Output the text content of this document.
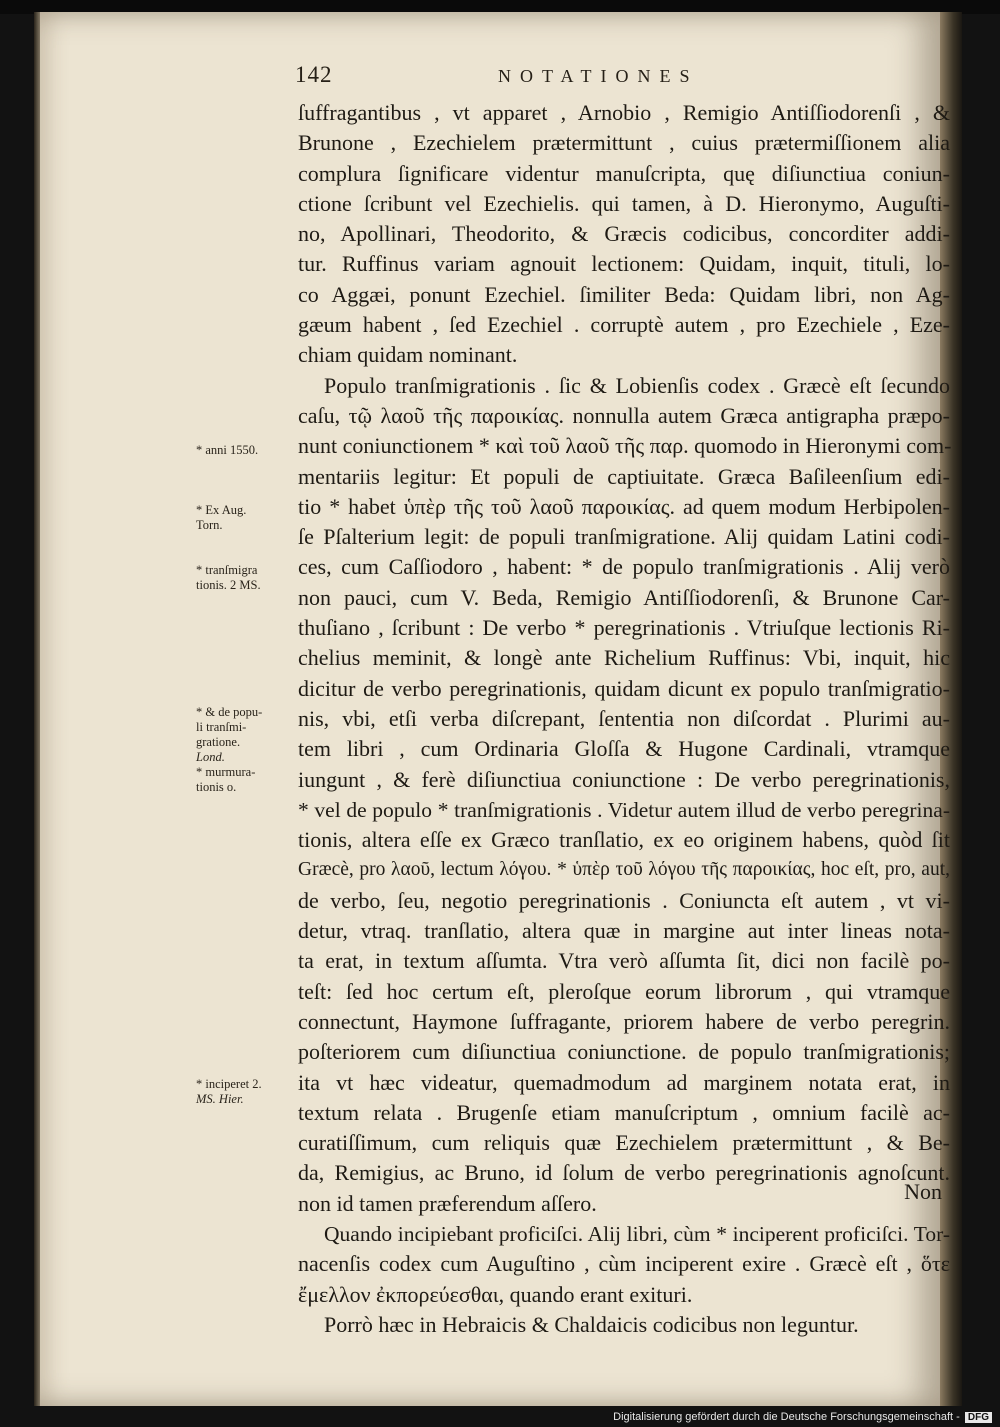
142	NOTATIONES
* anni 1550.
* Ex Aug.
Torn.
* tranſmigra
tionis. 2 MS.
* & de popu-
li tranſmi-
gratione.
Lond.
* murmura-
tionis o.
* inciperet 2.
MS. Hier.
ſuffragantibus , vt apparet , Arnobio , Remigio Antiſſiodorenſi , &
Brunone , Ezechielem prætermittunt , cuius prætermiſſionem alia
complura ſignificare videntur manuſcripta, quę diſiunctiua coniun-
ctione ſcribunt vel Ezechielis. qui tamen, à D. Hieronymo, Auguſti-
no, Apollinari, Theodorito, & Græcis codicibus, concorditer addi-
tur. Ruffinus variam agnouit lectionem: Quidam, inquit, tituli, lo-
co Aggæi, ponunt Ezechiel. ſimiliter Beda: Quidam libri, non Ag-
gæum habent , ſed Ezechiel . corruptè autem , pro Ezechiele , Eze-
chiam quidam nominant.
Populo tranſmigrationis . ſic & Lobienſis codex . Græcè eſt ſecundo
caſu, τῷ λαοῦ τῆς παροικίας. nonnulla autem Græca antigrapha præpo-
nunt coniunctionem * καὶ τοῦ λαοῦ τῆς παρ. quomodo in Hieronymi com-
mentariis legitur: Et populi de captiuitate. Græca Baſileenſium edi-
tio * habet ὑπὲρ τῆς τοῦ λαοῦ παροικίας. ad quem modum Herbipolen-
ſe Pſalterium legit: de populi tranſmigratione. Alij quidam Latini codi-
ces, cum Caſſiodoro , habent: * de populo tranſmigrationis . Alij verò
non pauci, cum V. Beda, Remigio Antiſſiodorenſi, & Brunone Car-
thuſiano , ſcribunt : De verbo * peregrinationis . Vtriuſque lectionis Ri-
chelius meminit, & longè ante Richelium Ruffinus: Vbi, inquit, hic
dicitur de verbo peregrinationis, quidam dicunt ex populo tranſmigratio-
nis, vbi, etſi verba diſcrepant, ſententia non diſcordat . Plurimi au-
tem libri , cum Ordinaria Gloſſa & Hugone Cardinali, vtramque
iungunt , & ferè diſiunctiua coniunctione : De verbo peregrinationis,
* vel de populo * tranſmigrationis . Videtur autem illud de verbo peregrina-
tionis, altera eſſe ex Græco tranſlatio, ex eo originem habens, quòd ſit
Græcè, pro λαοῦ, lectum λόγου. * ὑπὲρ τοῦ λόγου τῆς παροικίας, hoc eſt, pro, aut,
de verbo, ſeu, negotio peregrinationis . Coniuncta eſt autem , vt vi-
detur, vtraq. tranſlatio, altera quæ in margine aut inter lineas nota-
ta erat, in textum aſſumta. Vtra verò aſſumta ſit, dici non facilè po-
teſt: ſed hoc certum eſt, pleroſque eorum librorum , qui vtramque
connectunt, Haymone ſuffragante, priorem habere de verbo peregrin.
poſteriorem cum diſiunctiua coniunctione. de populo tranſmigrationis;
ita vt hæc videatur, quemadmodum ad marginem notata erat, in
textum relata . Brugenſe etiam manuſcriptum , omnium facilè ac-
curatiſſimum, cum reliquis quæ Ezechielem prætermittunt , & Be-
da, Remigius, ac Bruno, id ſolum de verbo peregrinationis agnoſcunt.
non id tamen præferendum aſſero.
Quando incipiebant proficiſci. Alij libri, cùm * inciperent proficiſci. Tor-
nacenſis codex cum Auguſtino , cùm inciperent exire . Græcè eſt , ὅτε
ἔμελλον ἐκπορεύεσθαι, quando erant exituri.
Porrò hæc in Hebraicis & Chaldaicis codicibus non leguntur.
Non
Digitalisierung gefördert durch die Deutsche Forschungsgemeinschaft - DFG
